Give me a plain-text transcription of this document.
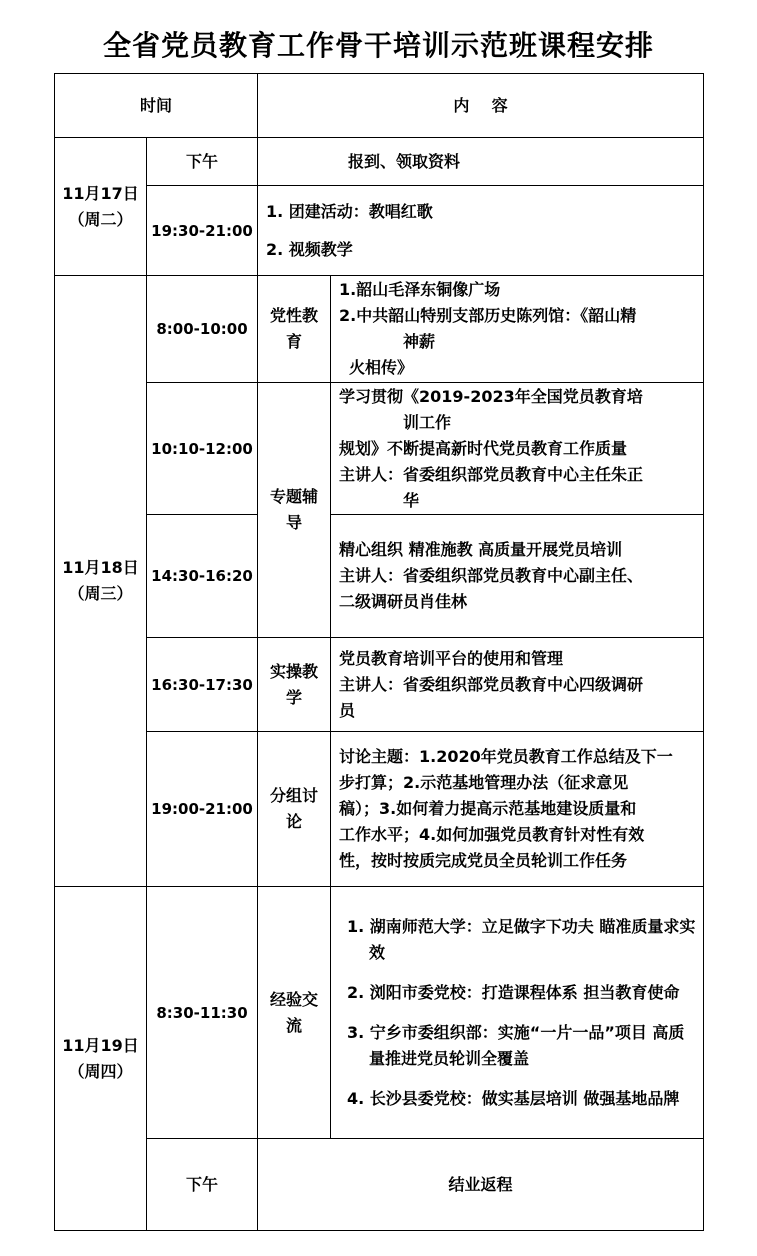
全省党员教育工作骨干培训示范班课程安排
时间		内    容	

11月17日
（周二）	下午	报到、领取资料	
	19:30-21:00	1. 团建活动：教唱红歌
2. 视频教学	

11月18日
（周三）	8:00-10:00	党性教育	1.韶山毛泽东铜像广场
2.中共韶山特别支部历史陈列馆：《韶山精
神薪
火相传》

	10:10-12:00	专题辅导	学习贯彻《2019-2023年全国党员教育培
训工作
规划》不断提高新时代党员教育工作质量
主讲人：省委组织部党员教育中心主任朱正
华

	14:30-16:20		精心组织 精准施教 高质量开展党员培训
主讲人：省委组织部党员教育中心副主任、
二级调研员肖佳林

	16:30-17:30	实操教学	党员教育培训平台的使用和管理
主讲人：省委组织部党员教育中心四级调研
员

	19:00-21:00	分组讨论	讨论主题：1.2020年党员教育工作总结及下一
步打算；2.示范基地管理办法（征求意见
稿）；3.如何着力提高示范基地建设质量和
工作水平；4.如何加强党员教育针对性有效
性，按时按质完成党员全员轮训工作任务

11月19日
（周四）	8:30-11:30	经验交流	1. 湖南师范大学：立足做字下功夫 瞄准质量求实效
2. 浏阳市委党校：打造课程体系 担当教育使命
3. 宁乡市委组织部：实施“一片一品”项目 高质量推进党员轮训全覆盖
4. 长沙县委党校：做实基层培训 做强基地品牌

	下午	结业返程	
